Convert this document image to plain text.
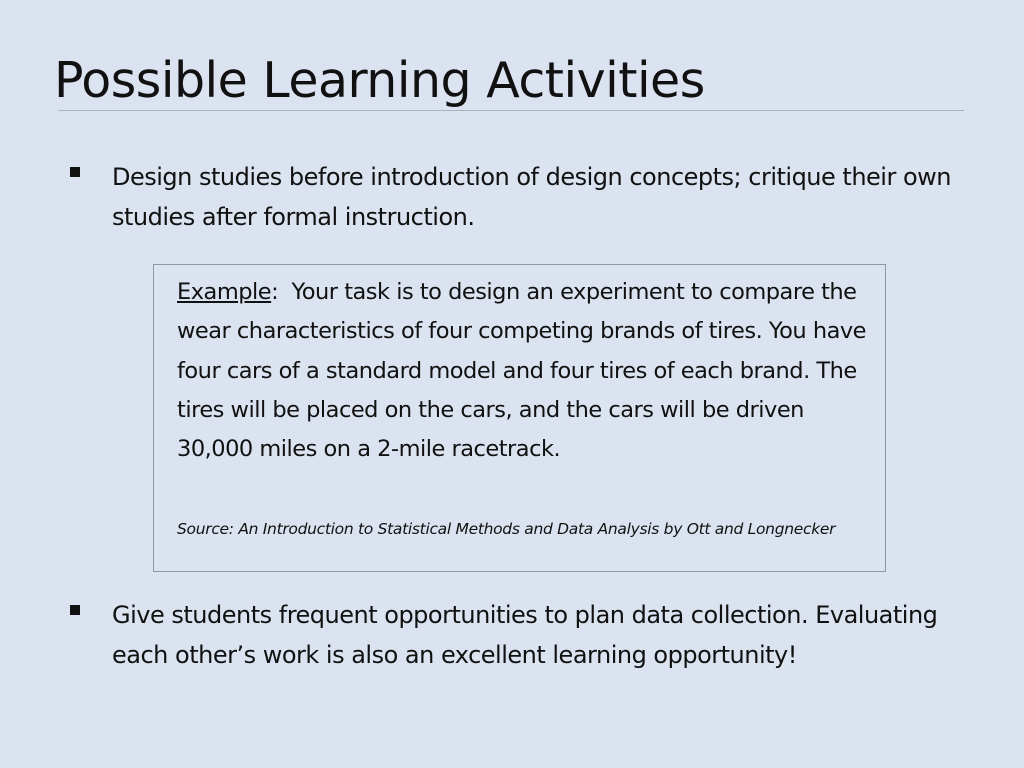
Possible Learning Activities
Design studies before introduction of design concepts; critique their own studies after formal instruction.
Example:  Your task is to design an experiment to compare the wear characteristics of four competing brands of tires. You have four cars of a standard model and four tires of each brand. The tires will be placed on the cars, and the cars will be driven 30,000 miles on a 2-mile racetrack.
Source: An Introduction to Statistical Methods and Data Analysis by Ott and Longnecker
Give students frequent opportunities to plan data collection. Evaluating each other’s work is also an excellent learning opportunity!
